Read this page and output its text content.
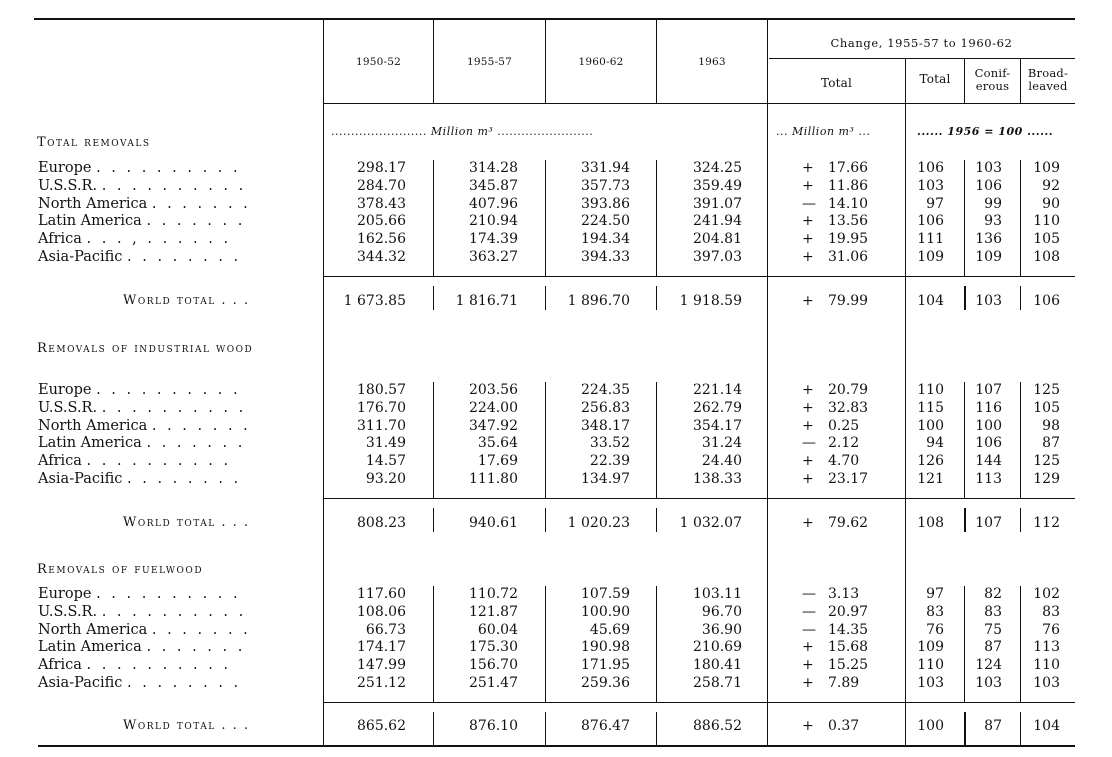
1950-52	1955-57	1960-62	1963
Change, 1955-57 to 1960-62
Total	Total	Conif-
erous
Broad-
leaved
........................ Million m³ ........................	... Million m³ ...	...... 1956 = 100 ......
Total removals
Europe . . . . . . . . . .	298.17	314.28	331.94	324.25	+ 17.66	106 103 109
U.S.S.R. . . . . . . . . . .	284.70	345.87	357.73	359.49	+ 11.86	103 106	92
North America . . . . . . .	378.43	407.96	393.86	391.07	— 14.10	97	99	90
Latin America . . . . . . .	205.66	210.94	224.50	241.94	+ 13.56	106	93 110
Africa . . . , . . . . . .	162.56	174.39	194.34	204.81	+ 19.95	111 136 105
Asia-Pacific . . . . . . . .	344.32	363.27	394.33	397.03	+ 31.06	109 109 108
World total . . .	1 673.85	1 816.71	1 896.70	1 918.59	+ 79.99	104 103 106
Removals of industrial wood
Europe . . . . . . . . . .	180.57	203.56	224.35	221.14	+ 20.79	110 107 125
U.S.S.R. . . . . . . . . . .	176.70	224.00	256.83	262.79	+ 32.83	115 116 105
North America . . . . . . .	311.70	347.92	348.17	354.17	+ 0.25	100 100	98
Latin America . . . . . . .	31.49	35.64	33.52	31.24	— 2.12	94 106	87
Africa . . . . . . . . . .	14.57	17.69	22.39	24.40	+ 4.70	126 144 125
Asia-Pacific . . . . . . . .	93.20	111.80	134.97	138.33	+ 23.17	121 113 129
World total . . .	808.23	940.61	1 020.23	1 032.07	+ 79.62	108 107 112
Removals of fuelwood
Europe . . . . . . . . . .	117.60	110.72	107.59	103.11	— 3.13	97	82 102
U.S.S.R. . . . . . . . . . .	108.06	121.87	100.90	96.70	— 20.97	83	83	83
North America . . . . . . .	66.73	60.04	45.69	36.90	— 14.35	76	75	76
Latin America . . . . . . .	174.17	175.30	190.98	210.69	+ 15.68	109	87 113
Africa . . . . . . . . . .	147.99	156.70	171.95	180.41	+ 15.25	110 124 110
Asia-Pacific . . . . . . . .	251.12	251.47	259.36	258.71	+ 7.89	103 103 103
World total . . .	865.62	876.10	876.47	886.52	+ 0.37	100	87 104
